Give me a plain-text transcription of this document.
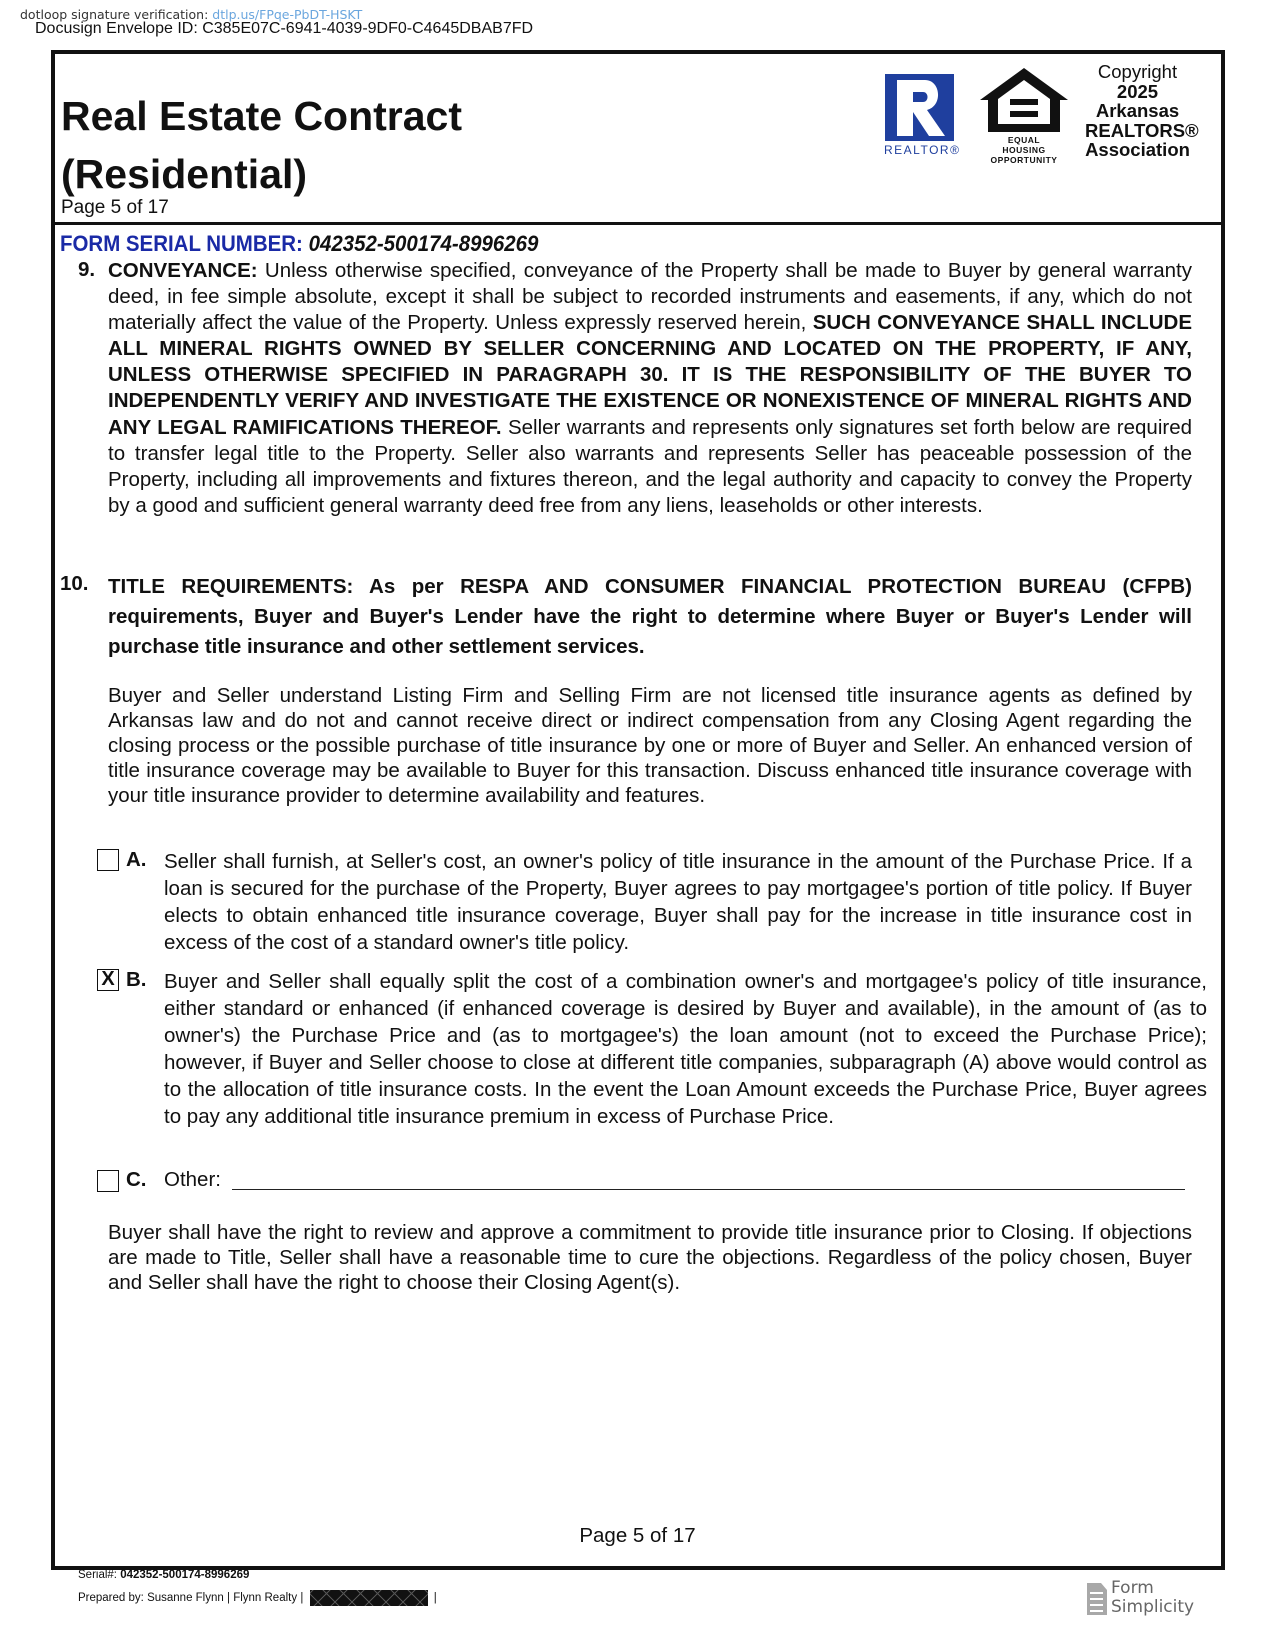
dotloop signature verification: dtlp.us/FPqe-PbDT-HSKT
Docusign Envelope ID: C385E07C-6941-4039-9DF0-C4645DBAB7FD
Real Estate Contract
(Residential)
Page 5 of 17
REALTOR®
EQUAL HOUSING
OPPORTUNITY
Copyright
2025
Arkansas
REALTORS®
Association
FORM SERIAL NUMBER: 042352-500174-8996269
9. CONVEYANCE: Unless otherwise specified, conveyance of the Property shall be made to Buyer by general warranty deed, in fee simple absolute, except it shall be subject to recorded instruments and easements, if any, which do not materially affect the value of the Property. Unless expressly reserved herein, SUCH CONVEYANCE SHALL INCLUDE ALL MINERAL RIGHTS OWNED BY SELLER CONCERNING AND LOCATED ON THE PROPERTY, IF ANY, UNLESS OTHERWISE SPECIFIED IN PARAGRAPH 30. IT IS THE RESPONSIBILITY OF THE BUYER TO INDEPENDENTLY VERIFY AND INVESTIGATE THE EXISTENCE OR NONEXISTENCE OF MINERAL RIGHTS AND ANY LEGAL RAMIFICATIONS THEREOF. Seller warrants and represents only signatures set forth below are required to transfer legal title to the Property. Seller also warrants and represents Seller has peaceable possession of the Property, including all improvements and fixtures thereon, and the legal authority and capacity to convey the Property by a good and sufficient general warranty deed free from any liens, leaseholds or other interests.
10. TITLE REQUIREMENTS: As per RESPA AND CONSUMER FINANCIAL PROTECTION BUREAU (CFPB) requirements, Buyer and Buyer's Lender have the right to determine where Buyer or Buyer's Lender will purchase title insurance and other settlement services.
Buyer and Seller understand Listing Firm and Selling Firm are not licensed title insurance agents as defined by Arkansas law and do not and cannot receive direct or indirect compensation from any Closing Agent regarding the closing process or the possible purchase of title insurance by one or more of Buyer and Seller. An enhanced version of title insurance coverage may be available to Buyer for this transaction. Discuss enhanced title insurance coverage with your title insurance provider to determine availability and features.
A. Seller shall furnish, at Seller's cost, an owner's policy of title insurance in the amount of the Purchase Price. If a loan is secured for the purchase of the Property, Buyer agrees to pay mortgagee's portion of title policy. If Buyer elects to obtain enhanced title insurance coverage, Buyer shall pay for the increase in title insurance cost in excess of the cost of a standard owner's title policy.
X B. Buyer and Seller shall equally split the cost of a combination owner's and mortgagee's policy of title insurance, either standard or enhanced (if enhanced coverage is desired by Buyer and available), in the amount of (as to owner's) the Purchase Price and (as to mortgagee's) the loan amount (not to exceed the Purchase Price); however, if Buyer and Seller choose to close at different title companies, subparagraph (A) above would control as to the allocation of title insurance costs. In the event the Loan Amount exceeds the Purchase Price, Buyer agrees to pay any additional title insurance premium in excess of Purchase Price.
C. Other:
Buyer shall have the right to review and approve a commitment to provide title insurance prior to Closing. If objections are made to Title, Seller shall have a reasonable time to cure the objections. Regardless of the policy chosen, Buyer and Seller shall have the right to choose their Closing Agent(s).
Page 5 of 17
Serial#: 042352-500174-8996269
Prepared by: Susanne Flynn | Flynn Realty |	|
Form
Simplicity
